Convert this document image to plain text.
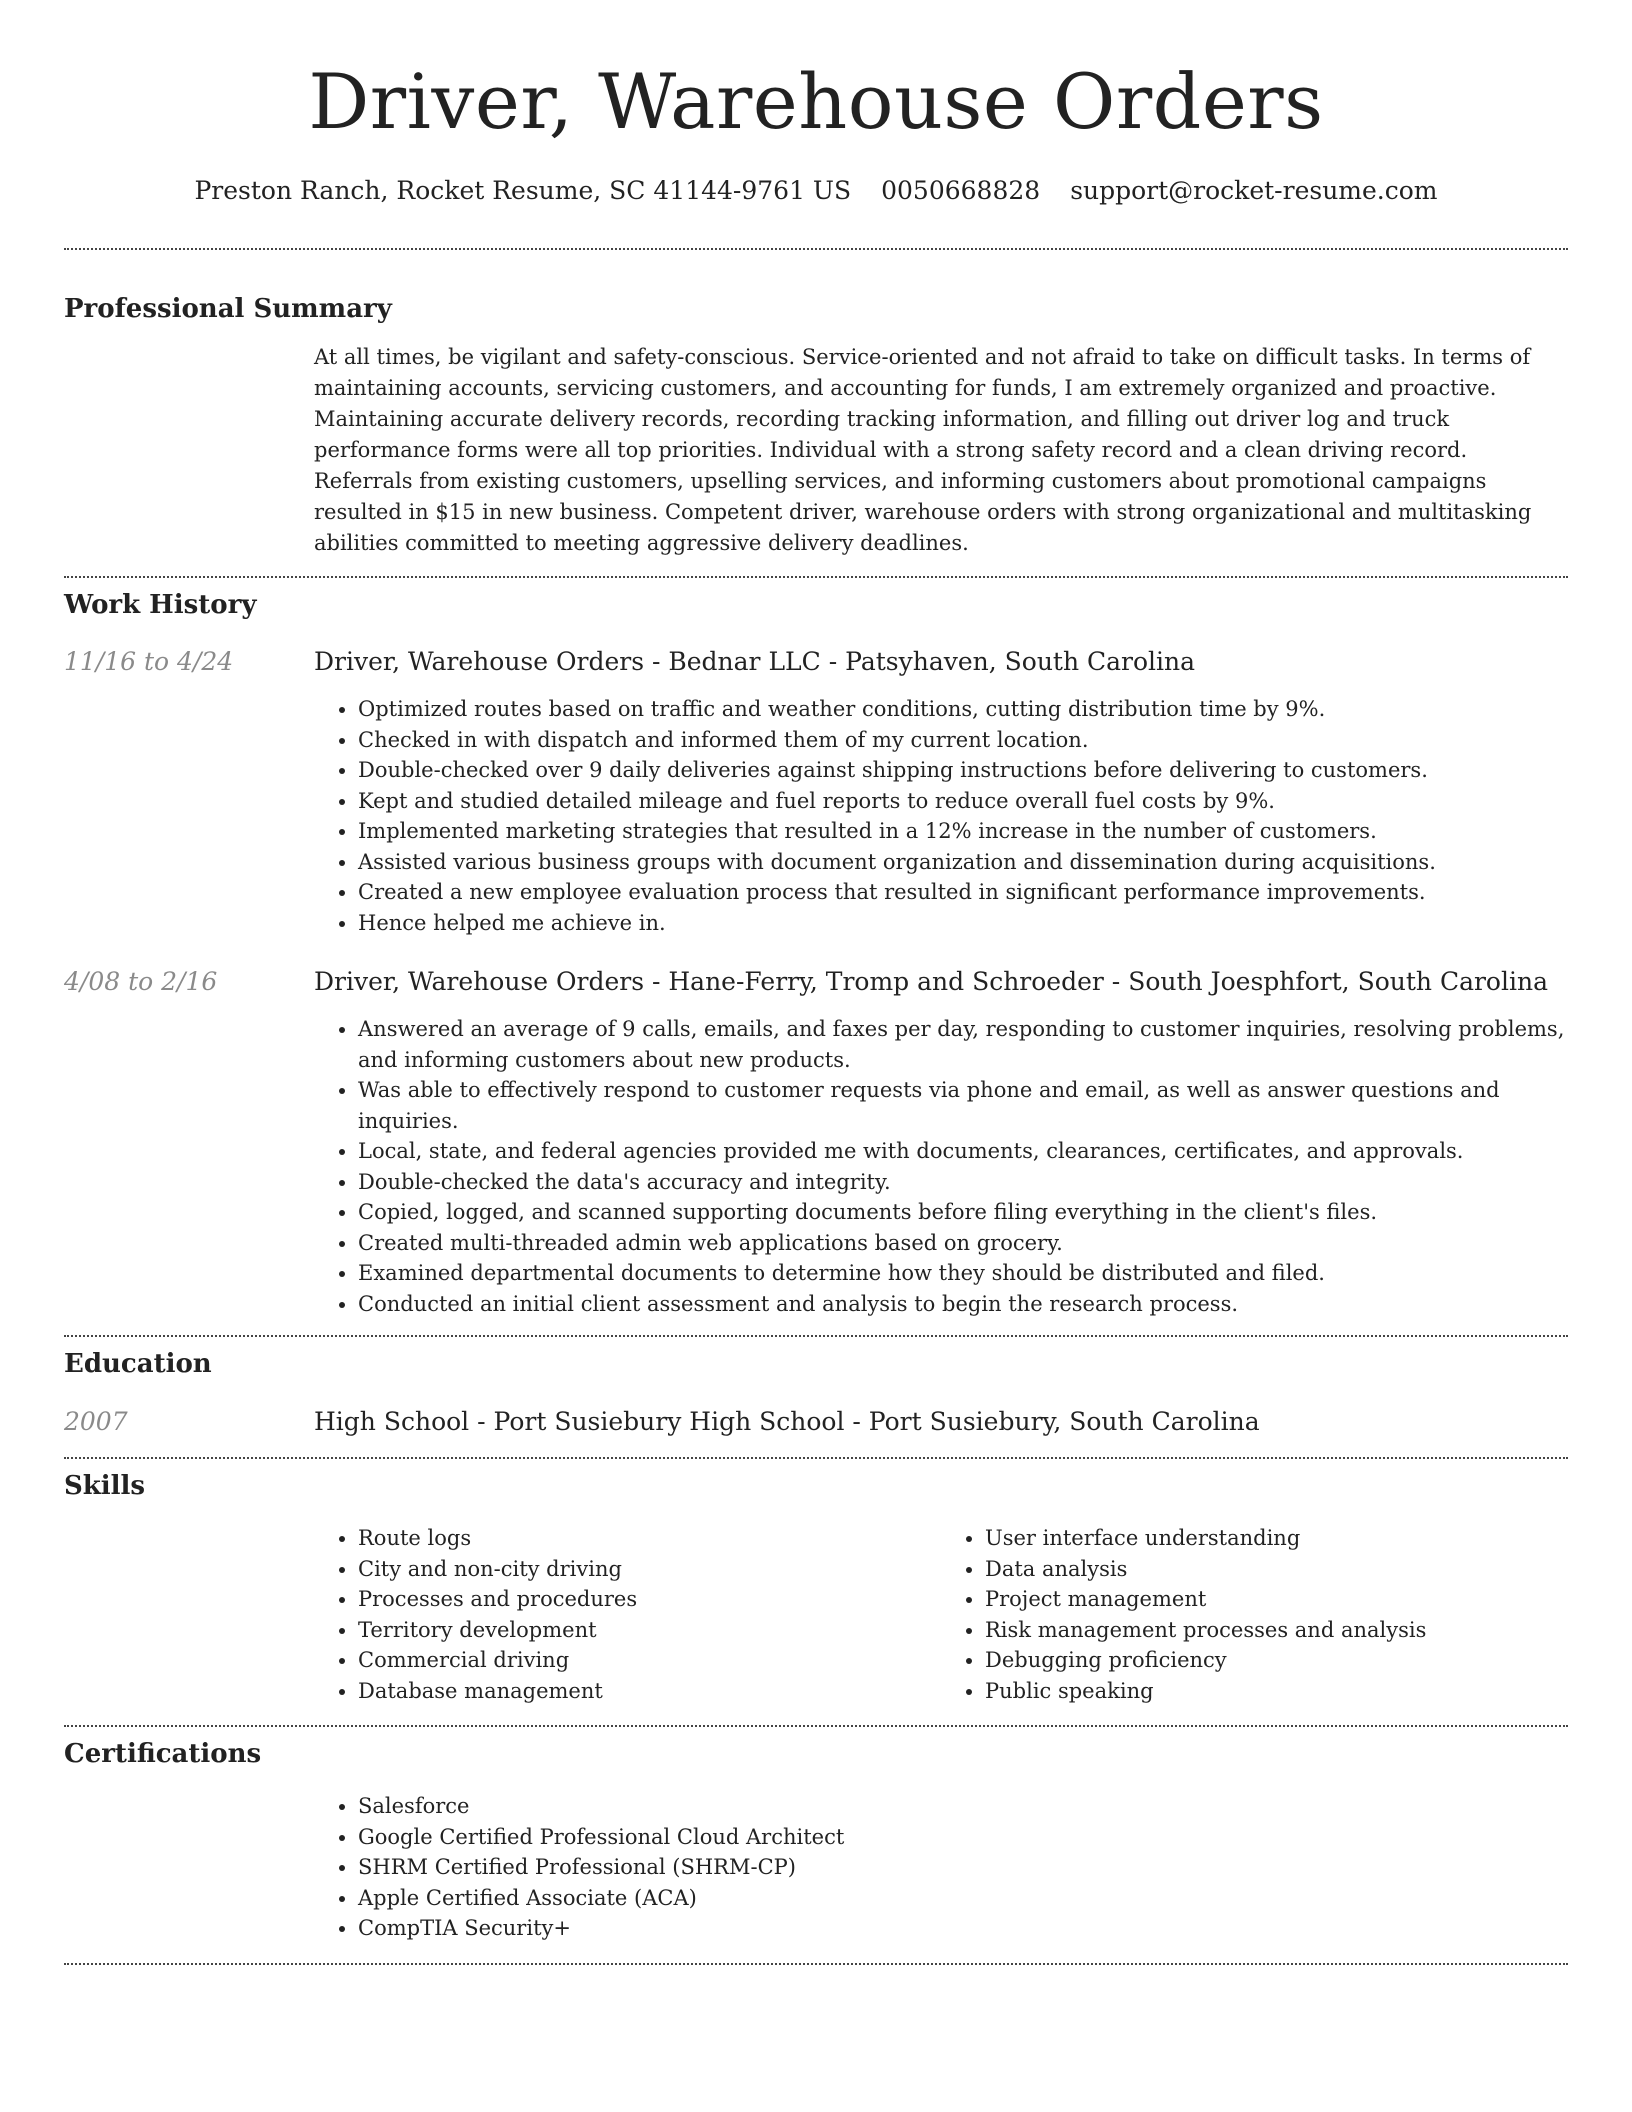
Driver, Warehouse Orders
Preston Ranch, Rocket Resume, SC 41144-9761 US 0050668828 support@rocket-resume.com
Professional Summary

At all times, be vigilant and safety-conscious. Service-oriented and not afraid to take on difficult tasks. In terms of maintaining accounts, servicing customers, and accounting for funds, I am extremely organized and proactive. Maintaining accurate delivery records, recording tracking information, and filling out driver log and truck performance forms were all top priorities. Individual with a strong safety record and a clean driving record. Referrals from existing customers, upselling services, and informing customers about promotional campaigns resulted in $15 in new business. Competent driver, warehouse orders with strong organizational and multitasking abilities committed to meeting aggressive delivery deadlines.

Work History
11/16 to 4/24	Driver, Warehouse Orders - Bednar LLC - Patsyhaven, South Carolina
• Optimized routes based on traffic and weather conditions, cutting distribution time by 9%.
• Checked in with dispatch and informed them of my current location.
• Double-checked over 9 daily deliveries against shipping instructions before delivering to customers.
• Kept and studied detailed mileage and fuel reports to reduce overall fuel costs by 9%.
• Implemented marketing strategies that resulted in a 12% increase in the number of customers.
• Assisted various business groups with document organization and dissemination during acquisitions.
• Created a new employee evaluation process that resulted in significant performance improvements.
• Hence helped me achieve in.
4/08 to 2/16	Driver, Warehouse Orders - Hane-Ferry, Tromp and Schroeder - South Joesphfort, South Carolina
• Answered an average of 9 calls, emails, and faxes per day, responding to customer inquiries, resolving problems, and informing customers about new products.
• Was able to effectively respond to customer requests via phone and email, as well as answer questions and inquiries.
• Local, state, and federal agencies provided me with documents, clearances, certificates, and approvals.
• Double-checked the data's accuracy and integrity.
• Copied, logged, and scanned supporting documents before filing everything in the client's files.
• Created multi-threaded admin web applications based on grocery.
• Examined departmental documents to determine how they should be distributed and filed.
• Conducted an initial client assessment and analysis to begin the research process.
Education
2007	High School - Port Susiebury High School - Port Susiebury, South Carolina
Skills
• Route logs
• City and non-city driving
• Processes and procedures
• Territory development
• Commercial driving
• Database management
• User interface understanding
• Data analysis
• Project management
• Risk management processes and analysis
• Debugging proficiency
• Public speaking
Certifications
• Salesforce
• Google Certified Professional Cloud Architect
• SHRM Certified Professional (SHRM-CP)
• Apple Certified Associate (ACA)
• CompTIA Security+
